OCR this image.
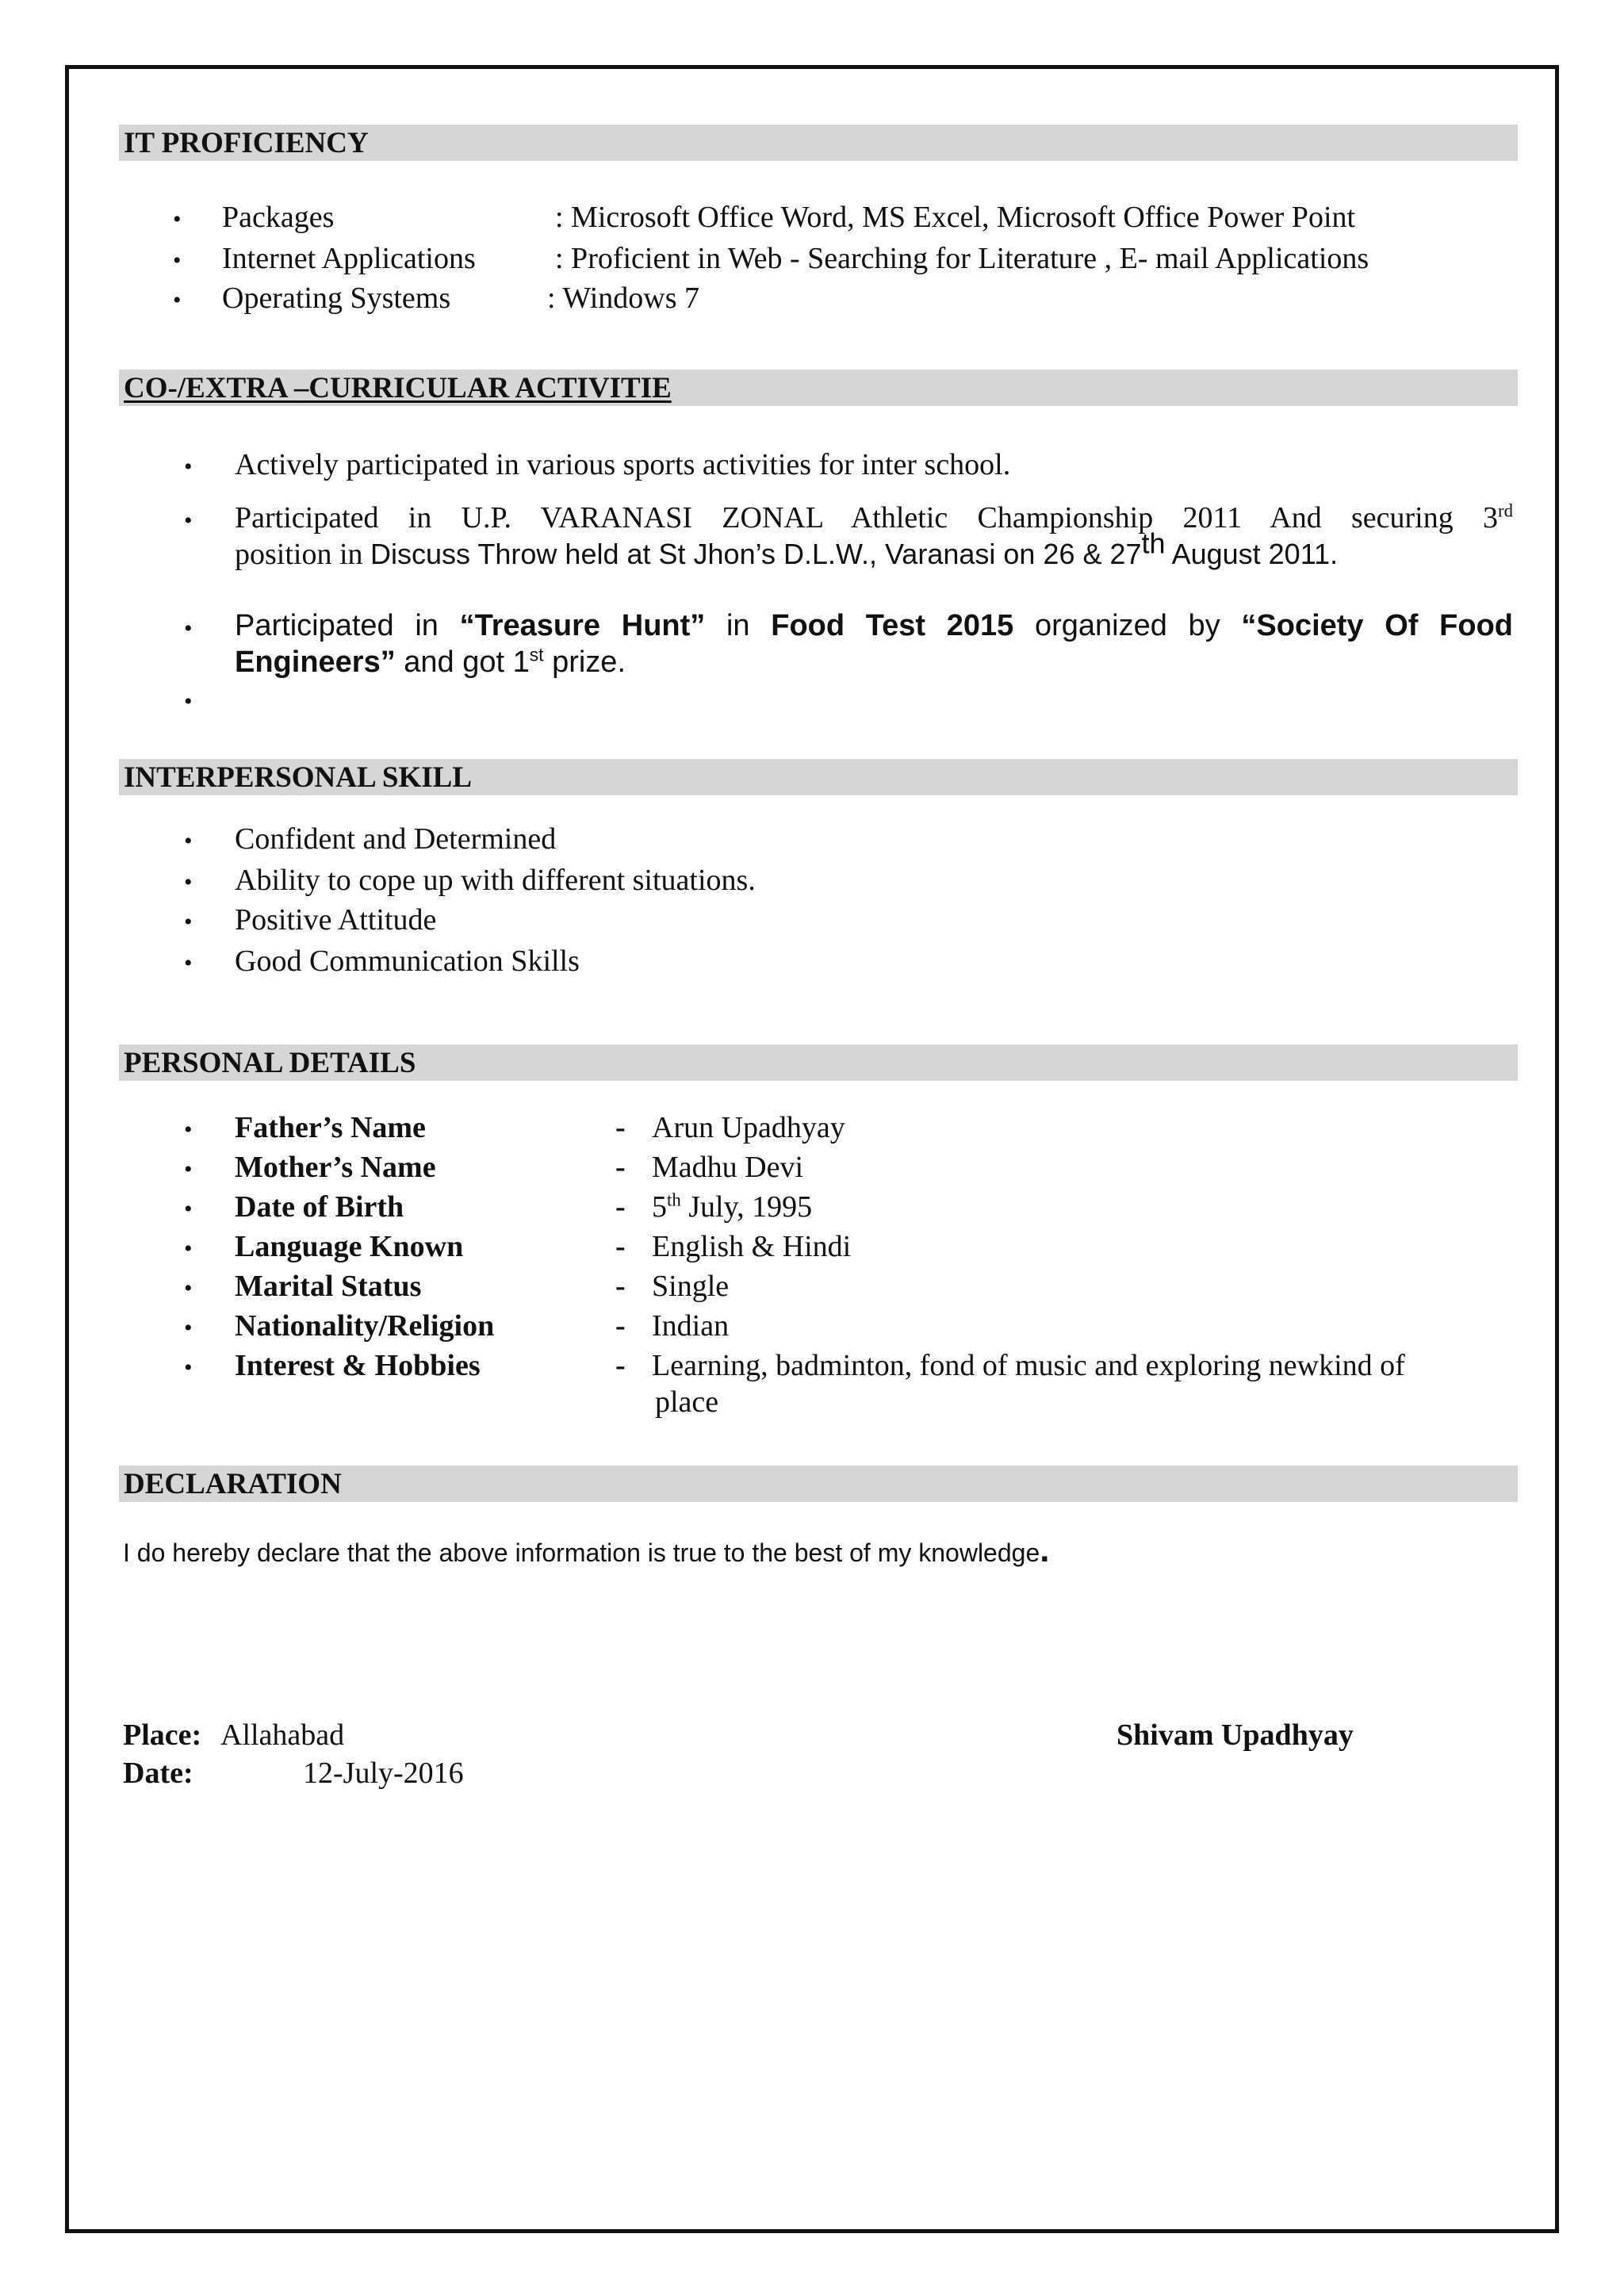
IT PROFICIENCY
• Packages	: Microsoft Office Word, MS Excel, Microsoft Office Power Point
• Internet Applications	: Proficient in Web - Searching for Literature , E- mail Applications
• Operating Systems	: Windows 7
CO-/EXTRA –CURRICULAR ACTIVITIE
• Actively participated in various sports activities for inter school.
• Participated in U.P. VARANASI ZONAL Athletic Championship 2011 And securing 3rd
position in Discuss Throw held at St Jhon’s D.L.W., Varanasi on 26 & 27th August 2011.
• Participated in “Treasure Hunt” in Food Test 2015 organized by “Society Of Food
Engineers” and got 1st prize.
•
INTERPERSONAL SKILL
• Confident and Determined
• Ability to cope up with different situations.
• Positive Attitude
• Good Communication Skills
PERSONAL DETAILS
• Father’s Name	- Arun Upadhyay
• Mother’s Name	- Madhu Devi
• Date of Birth	- 5th July, 1995
• Language Known	- English & Hindi
• Marital Status	- Single
• Nationality/Religion	- Indian
• Interest & Hobbies	- Learning, badminton, fond of music and exploring newkind of
place
DECLARATION
I do hereby declare that the above information is true to the best of my knowledge.
Place: Allahabad
Date:	12-July-2016
Shivam Upadhyay
